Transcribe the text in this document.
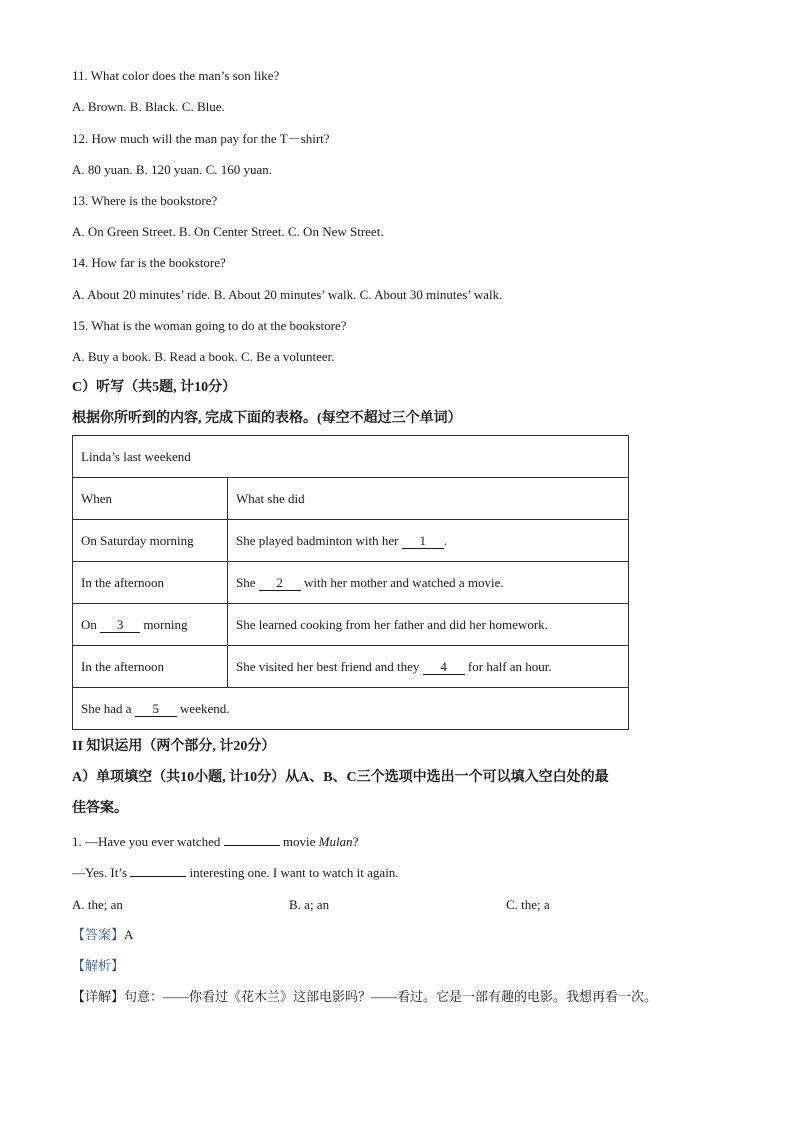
11. What color does the man’s son like?
A. Brown. B. Black. C. Blue.
12. How much will the man pay for the T－shirt?
A. 80 yuan. B. 120 yuan. C. 160 yuan.
13. Where is the bookstore?
A. On Green Street. B. On Center Street. C. On New Street.
14. How far is the bookstore?
A. About 20 minutes’ ride. B. About 20 minutes’ walk. C. About 30 minutes’ walk.
15. What is the woman going to do at the bookstore?
A. Buy a book. B. Read a book. C. Be a volunteer.
C）听写（共5题, 计10分）
根据你所听到的内容, 完成下面的表格。(每空不超过三个单词）
Linda’s last weekend	
When	What she did
On Saturday morning	She played badminton with her 1 .
In the afternoon	She 2 with her mother and watched a movie.
On 3 morning	She learned cooking from her father and did her homework.
In the afternoon	She visited her best friend and they 4 for half an hour.
She had a 5 weekend.	
II 知识运用（两个部分, 计20分）
A）单项填空（共10小题, 计10分）从A、B、C三个选项中选出一个可以填入空白处的最
佳答案。
1. —Have you ever watched	movie Mulan?
—Yes. It’s	interesting one. I want to watch it again.
A. the; an	B. a; an	C. the; a
【答案】A
【解析】
【详解】句意：——你看过《花木兰》这部电影吗？——看过。它是一部有趣的电影。我想再看一次。
